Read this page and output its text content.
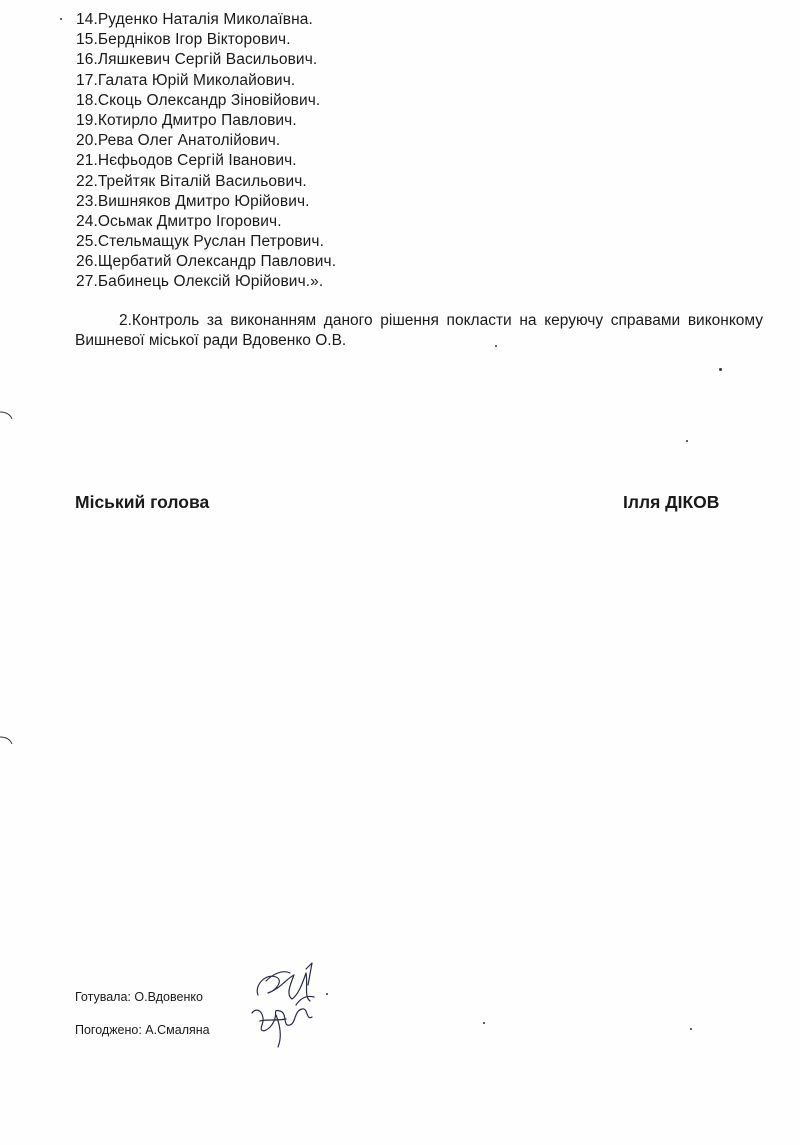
14.Руденко Наталія Миколаївна.
15.Бердніков Ігор Вікторович.
16.Ляшкевич Сергій Васильович.
17.Галата Юрій Миколайович.
18.Скоць Олександр Зіновійович.
19.Котирло Дмитро Павлович.
20.Рева Олег Анатолійович.
21.Нєфьодов Сергій Іванович.
22.Трейтяк Віталій Васильович.
23.Вишняков Дмитро Юрійович.
24.Осьмак Дмитро Ігорович.
25.Стельмащук Руслан Петрович.
26.Щербатий Олександр Павлович.
27.Бабинець Олексій Юрійович.».

2.Контроль за виконанням даного рішення покласти на керуючу справами виконкому Вишневої міської ради Вдовенко О.В.

Міський голова	Ілля ДІКОВ
Готувала: О.Вдовенко
Погоджено: А.Смаляна
